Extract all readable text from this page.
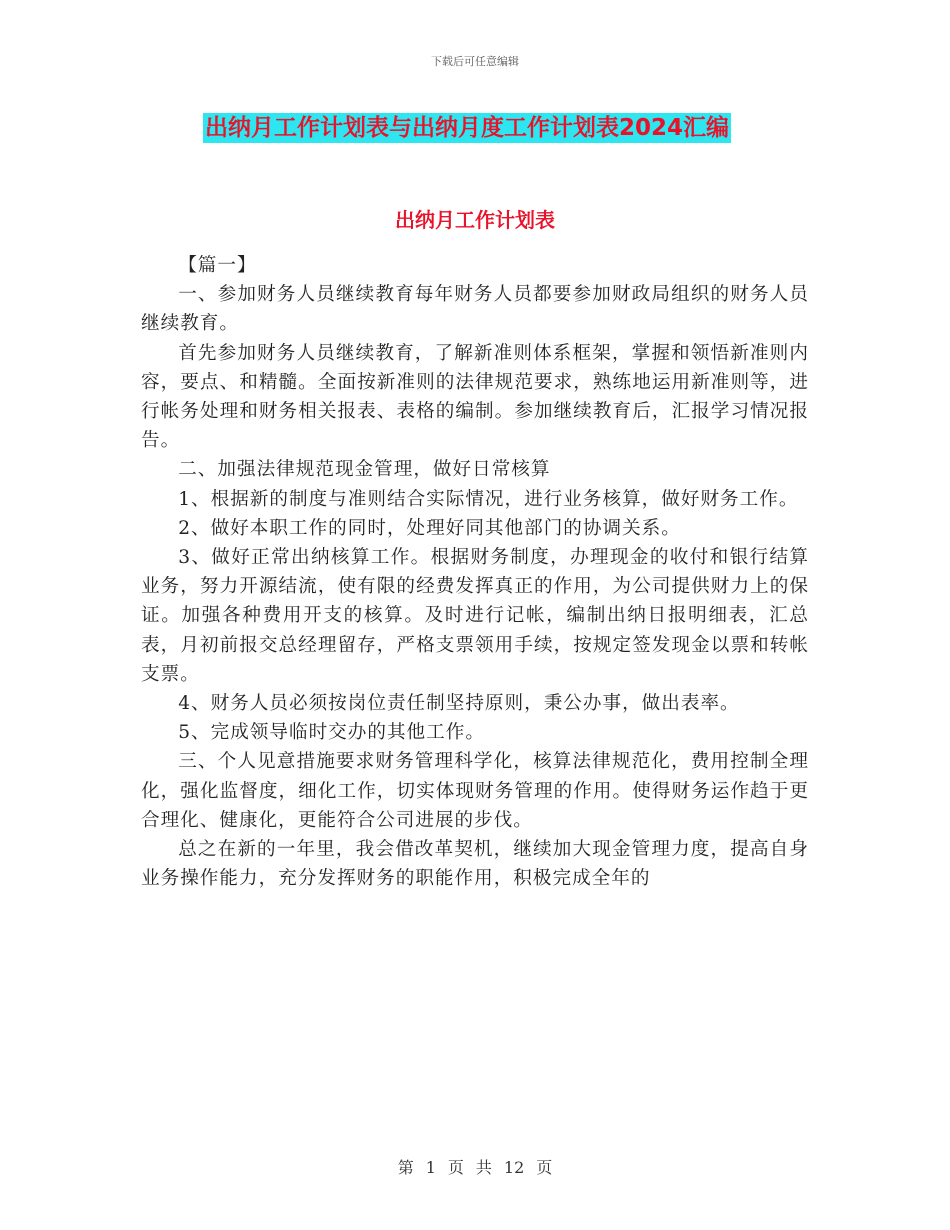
下载后可任意编辑
出纳月工作计划表与出纳月度工作计划表2024汇编
出纳月工作计划表

【篇一】

一、参加财务人员继续教育每年财务人员都要参加财政局组织的财务人员继续教育。

首先参加财务人员继续教育，了解新准则体系框架，掌握和领悟新准则内容，要点、和精髓。全面按新准则的法律规范要求，熟练地运用新准则等，进行帐务处理和财务相关报表、表格的编制。参加继续教育后，汇报学习情况报告。

二、加强法律规范现金管理，做好日常核算

1、根据新的制度与准则结合实际情况，进行业务核算，做好财务工作。

2、做好本职工作的同时，处理好同其他部门的协调关系。

3、做好正常出纳核算工作。根据财务制度，办理现金的收付和银行结算业务，努力开源结流，使有限的经费发挥真正的作用，为公司提供财力上的保证。加强各种费用开支的核算。及时进行记帐，编制出纳日报明细表，汇总表，月初前报交总经理留存，严格支票领用手续，按规定签发现金以票和转帐支票。

4、财务人员必须按岗位责任制坚持原则，秉公办事，做出表率。

5、完成领导临时交办的其他工作。

三、个人见意措施要求财务管理科学化，核算法律规范化，费用控制全理化，强化监督度，细化工作，切实体现财务管理的作用。使得财务运作趋于更合理化、健康化，更能符合公司进展的步伐。

总之在新的一年里，我会借改革契机，继续加大现金管理力度，提高自身业务操作能力，充分发挥财务的职能作用，积极完成全年的

第 1 页 共 12 页
